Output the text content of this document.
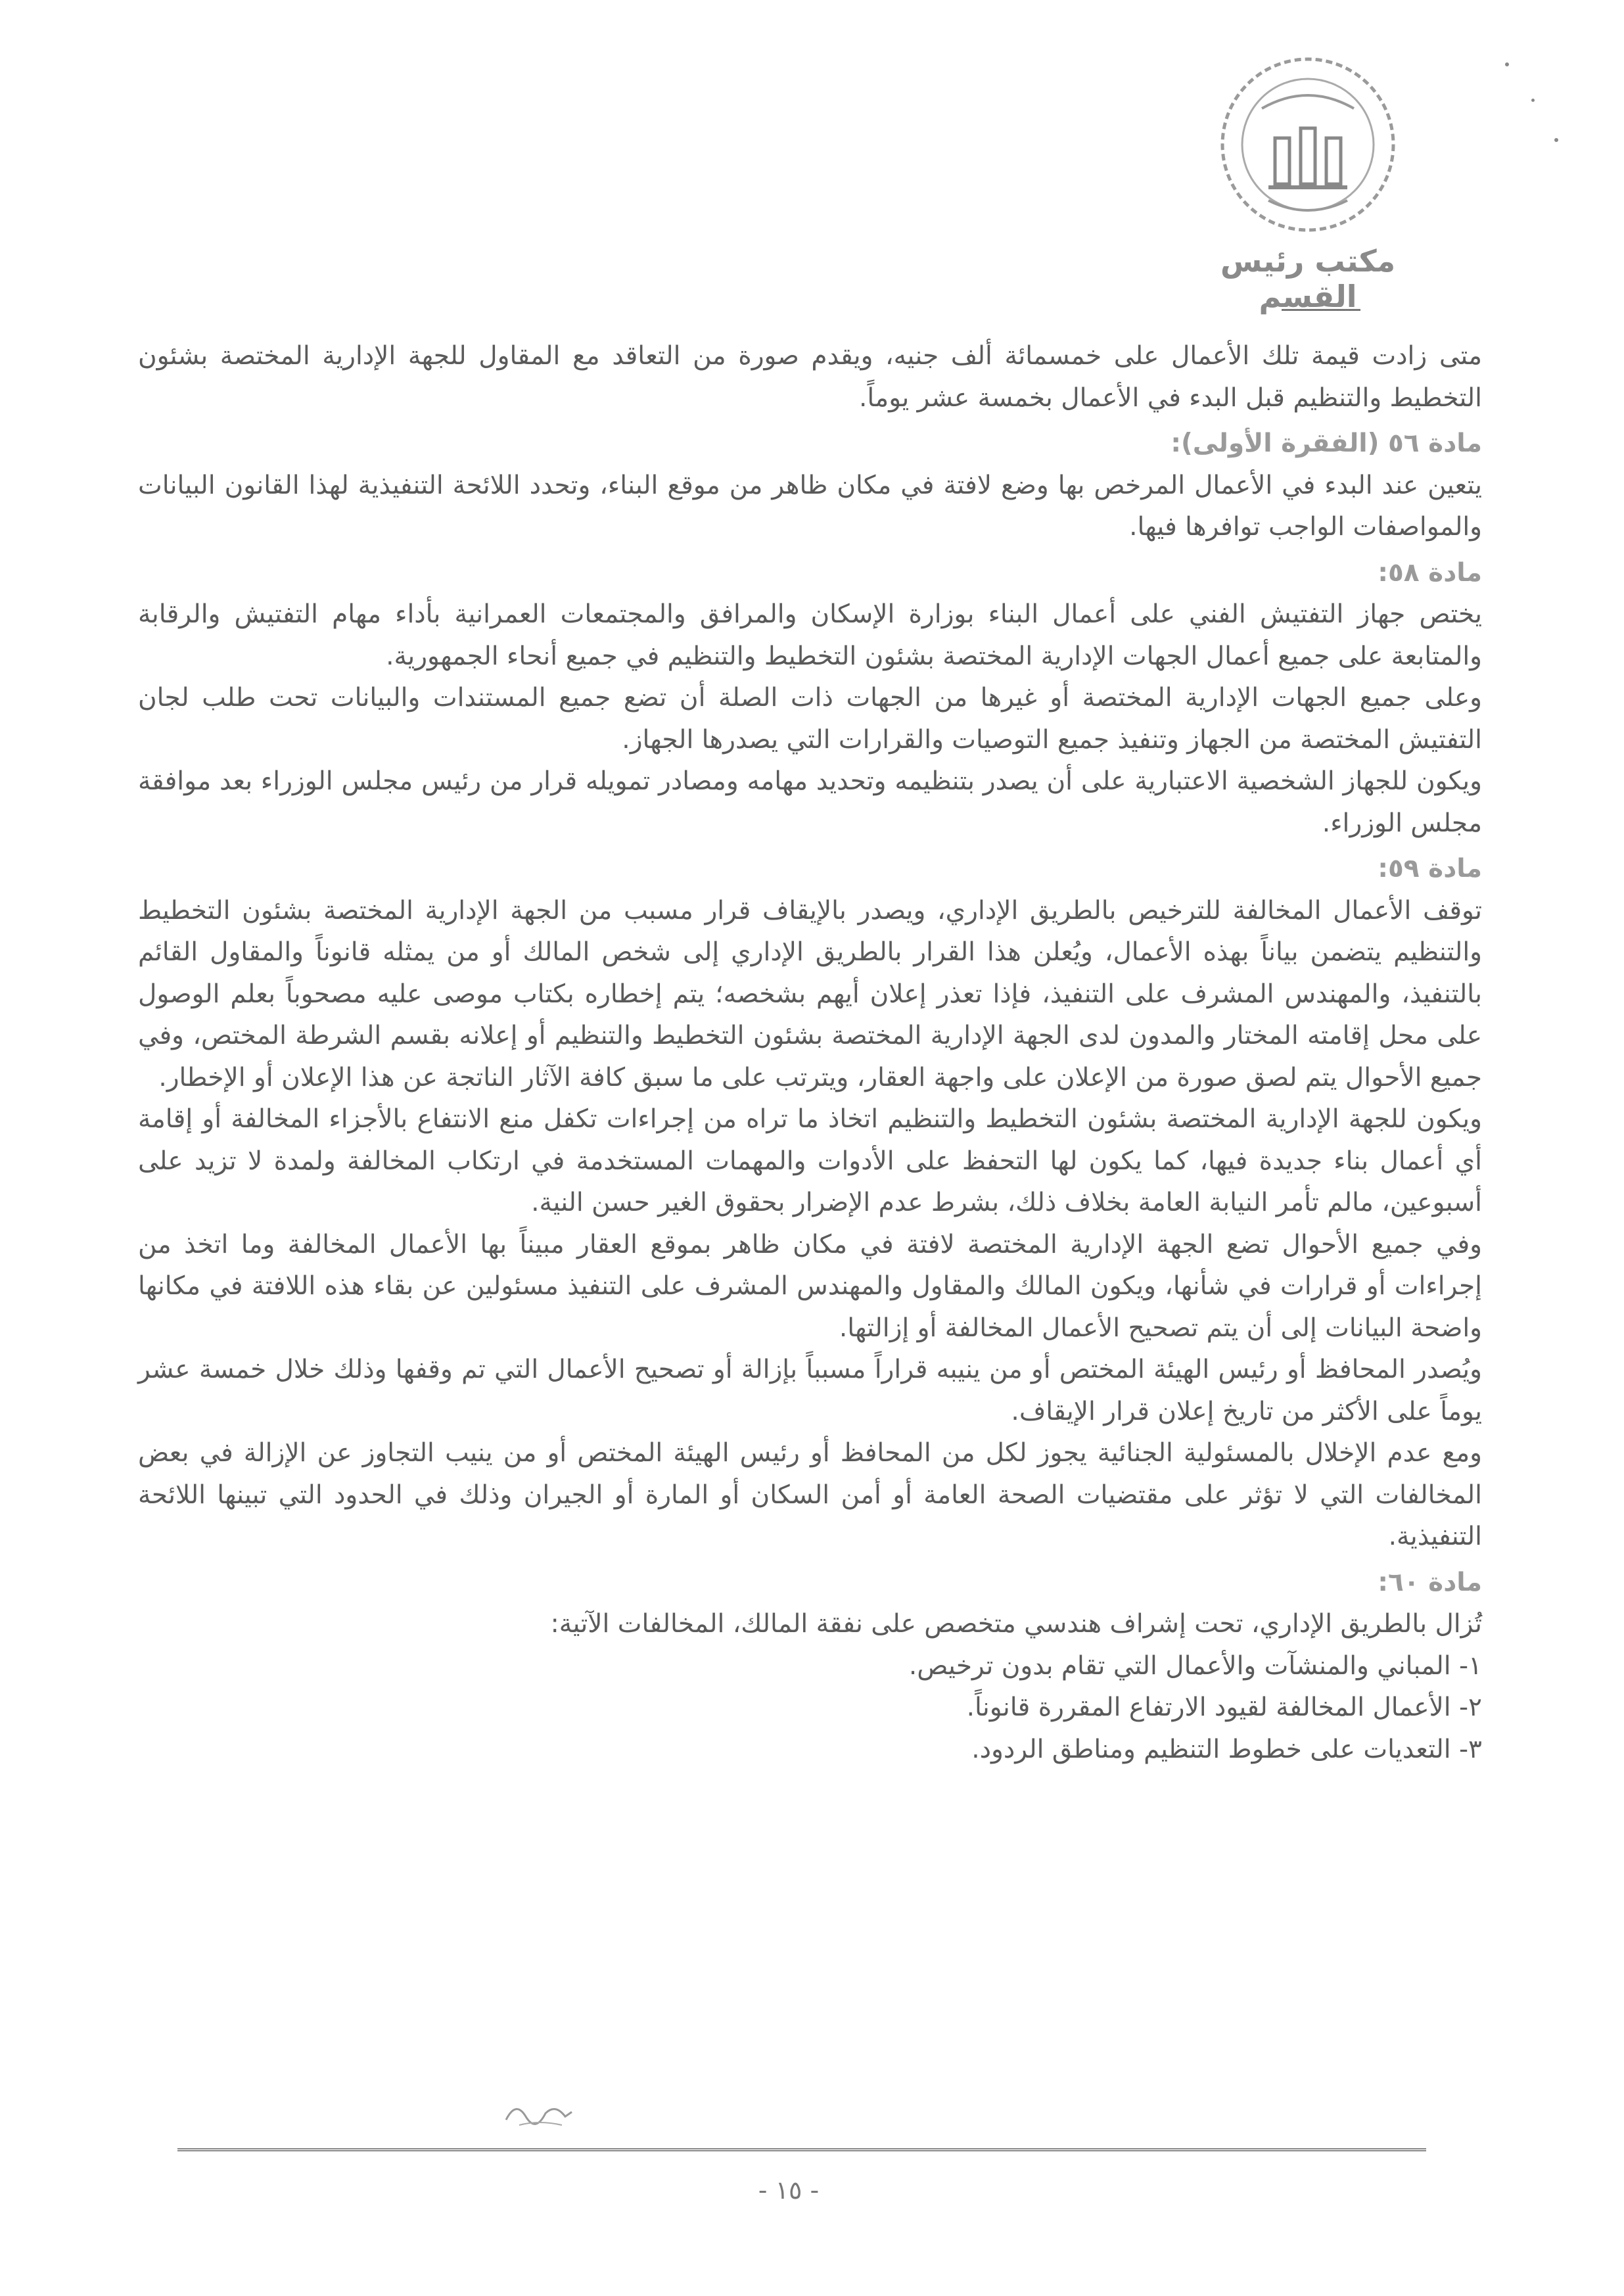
مكتب رئيس القسم

متى زادت قيمة تلك الأعمال على خمسمائة ألف جنيه، ويقدم صورة من التعاقد مع المقاول للجهة الإدارية المختصة بشئون التخطيط والتنظيم قبل البدء في الأعمال بخمسة عشر يوماً.

مادة ٥٦ (الفقرة الأولى):

يتعين عند البدء في الأعمال المرخص بها وضع لافتة في مكان ظاهر من موقع البناء، وتحدد اللائحة التنفيذية لهذا القانون البيانات والمواصفات الواجب توافرها فيها.

مادة ٥٨:

يختص جهاز التفتيش الفني على أعمال البناء بوزارة الإسكان والمرافق والمجتمعات العمرانية بأداء مهام التفتيش والرقابة والمتابعة على جميع أعمال الجهات الإدارية المختصة بشئون التخطيط والتنظيم في جميع أنحاء الجمهورية.

وعلى جميع الجهات الإدارية المختصة أو غيرها من الجهات ذات الصلة أن تضع جميع المستندات والبيانات تحت طلب لجان التفتيش المختصة من الجهاز وتنفيذ جميع التوصيات والقرارات التي يصدرها الجهاز.

ويكون للجهاز الشخصية الاعتبارية على أن يصدر بتنظيمه وتحديد مهامه ومصادر تمويله قرار من رئيس مجلس الوزراء بعد موافقة مجلس الوزراء.

مادة ٥٩:

توقف الأعمال المخالفة للترخيص بالطريق الإداري، ويصدر بالإيقاف قرار مسبب من الجهة الإدارية المختصة بشئون التخطيط والتنظيم يتضمن بياناً بهذه الأعمال، ويُعلن هذا القرار بالطريق الإداري إلى شخص المالك أو من يمثله قانوناً والمقاول القائم بالتنفيذ، والمهندس المشرف على التنفيذ، فإذا تعذر إعلان أيهم بشخصه؛ يتم إخطاره بكتاب موصى عليه مصحوباً بعلم الوصول على محل إقامته المختار والمدون لدى الجهة الإدارية المختصة بشئون التخطيط والتنظيم أو إعلانه بقسم الشرطة المختص، وفي جميع الأحوال يتم لصق صورة من الإعلان على واجهة العقار، ويترتب على ما سبق كافة الآثار الناتجة عن هذا الإعلان أو الإخطار.

ويكون للجهة الإدارية المختصة بشئون التخطيط والتنظيم اتخاذ ما تراه من إجراءات تكفل منع الانتفاع بالأجزاء المخالفة أو إقامة أي أعمال بناء جديدة فيها، كما يكون لها التحفظ على الأدوات والمهمات المستخدمة في ارتكاب المخالفة ولمدة لا تزيد على أسبوعين، مالم تأمر النيابة العامة بخلاف ذلك، بشرط عدم الإضرار بحقوق الغير حسن النية.

وفي جميع الأحوال تضع الجهة الإدارية المختصة لافتة في مكان ظاهر بموقع العقار مبيناً بها الأعمال المخالفة وما اتخذ من إجراءات أو قرارات في شأنها، ويكون المالك والمقاول والمهندس المشرف على التنفيذ مسئولين عن بقاء هذه اللافتة في مكانها واضحة البيانات إلى أن يتم تصحيح الأعمال المخالفة أو إزالتها.

ويُصدر المحافظ أو رئيس الهيئة المختص أو من ينيبه قراراً مسبباً بإزالة أو تصحيح الأعمال التي تم وقفها وذلك خلال خمسة عشر يوماً على الأكثر من تاريخ إعلان قرار الإيقاف.

ومع عدم الإخلال بالمسئولية الجنائية يجوز لكل من المحافظ أو رئيس الهيئة المختص أو من ينيب التجاوز عن الإزالة في بعض المخالفات التي لا تؤثر على مقتضيات الصحة العامة أو أمن السكان أو المارة أو الجيران وذلك في الحدود التي تبينها اللائحة التنفيذية.

مادة ٦٠:

تُزال بالطريق الإداري، تحت إشراف هندسي متخصص على نفقة المالك، المخالفات الآتية:

١- المباني والمنشآت والأعمال التي تقام بدون ترخيص.

٢- الأعمال المخالفة لقيود الارتفاع المقررة قانوناً.

٣- التعديات على خطوط التنظيم ومناطق الردود.

- ١٥ -
